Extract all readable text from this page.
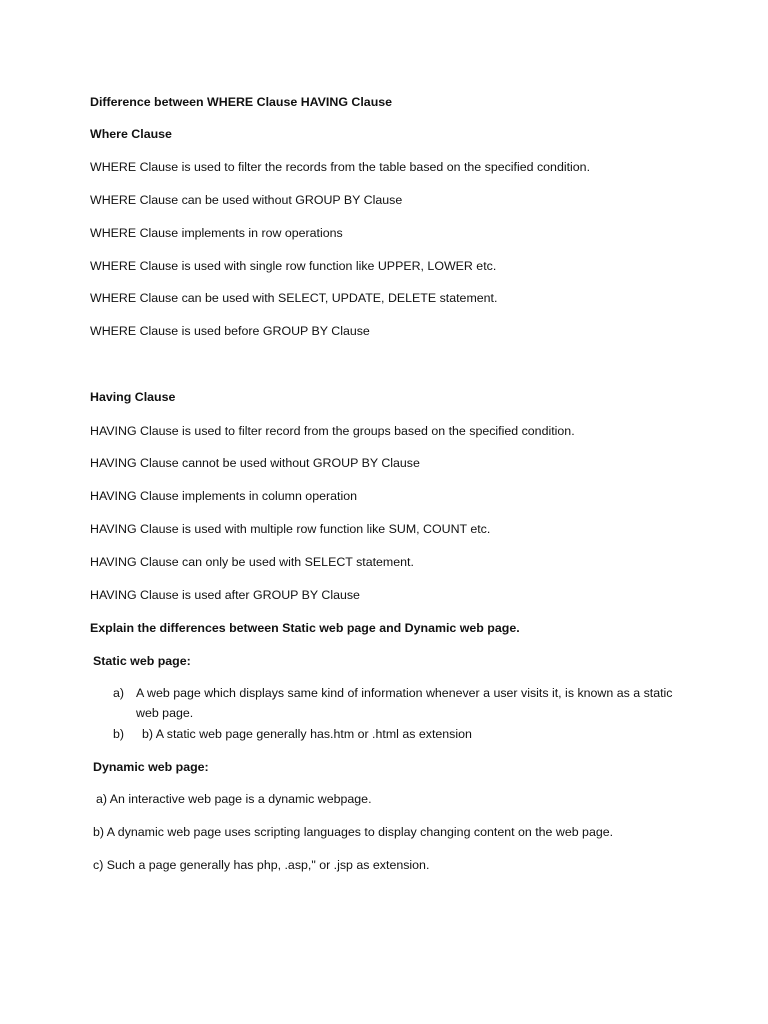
Difference between WHERE Clause HAVING Clause
Where Clause
WHERE Clause is used to filter the records from the table based on the specified condition.
WHERE Clause can be used without GROUP BY Clause
WHERE Clause implements in row operations
WHERE Clause is used with single row function like UPPER, LOWER etc.
WHERE Clause can be used with SELECT, UPDATE, DELETE statement.
WHERE Clause is used before GROUP BY Clause
Having Clause
HAVING Clause is used to filter record from the groups based on the specified condition.
HAVING Clause cannot be used without GROUP BY Clause
HAVING Clause implements in column operation
HAVING Clause is used with multiple row function like SUM, COUNT etc.
HAVING Clause can only be used with SELECT statement.
HAVING Clause is used after GROUP BY Clause
Explain the differences between Static web page and Dynamic web page.
Static web page:
a) A web page which displays same kind of information whenever a user visits it, is known as a static web page.
b) b) A static web page generally has.htm or .html as extension
Dynamic web page:
a) An interactive web page is a dynamic webpage.
b) A dynamic web page uses scripting languages to display changing content on the web page.
c) Such a page generally has php, .asp," or .jsp as extension.
